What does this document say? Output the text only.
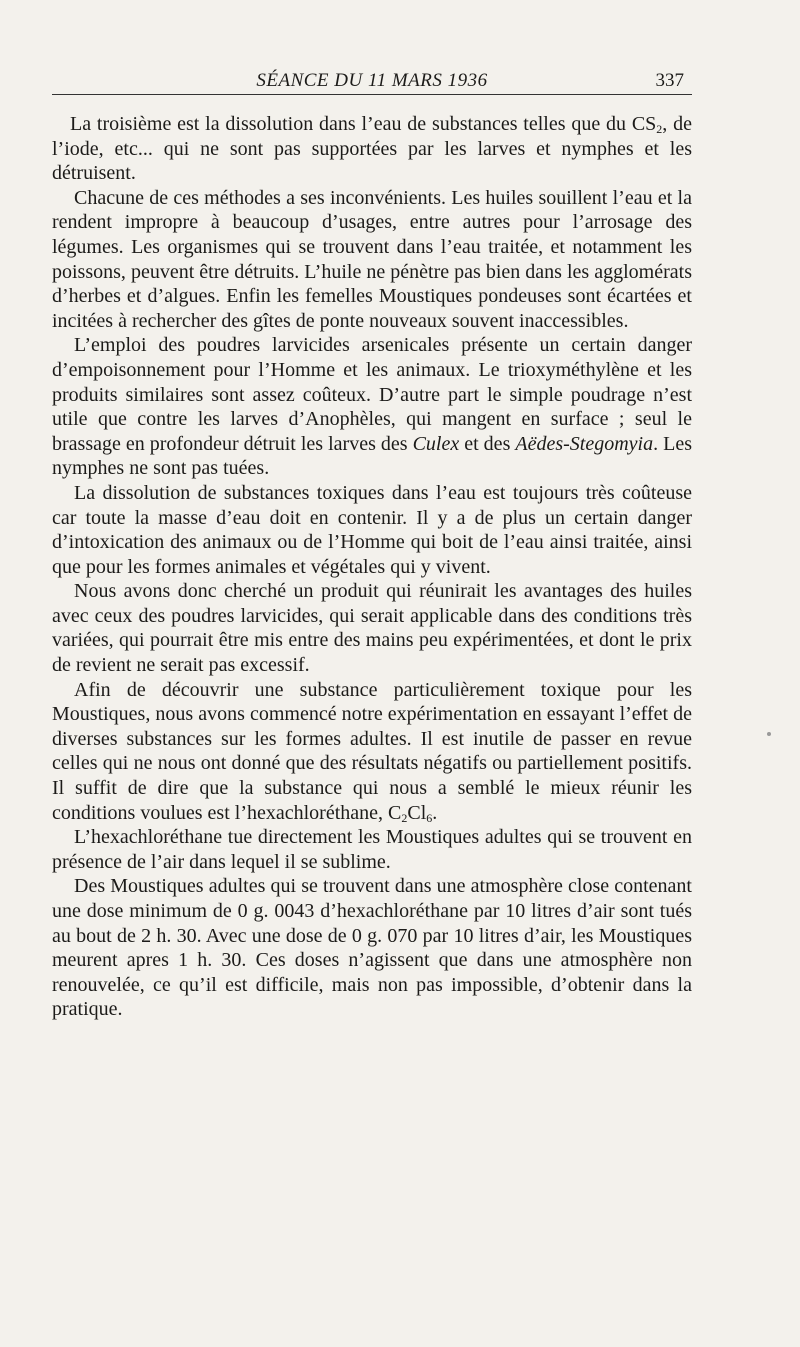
SÉANCE DU 11 MARS 1936	337

La troisième est la dissolution dans l’eau de substances telles que du $CS_2$, de l’iode, etc... qui ne sont pas supportées par les larves et nymphes et les détruisent.

Chacune de ces méthodes a ses inconvénients. Les huiles souillent l’eau et la rendent impropre à beaucoup d’usages, entre autres pour l’arrosage des légumes. Les organismes qui se trouvent dans l’eau traitée, et notamment les poissons, peuvent être détruits. L’huile ne pénètre pas bien dans les agglomérats d’herbes et d’algues. Enfin les femelles Moustiques pondeuses sont écartées et incitées à rechercher des gîtes de ponte nouveaux souvent inaccessibles.

L’emploi des poudres larvicides arsenicales présente un certain danger d’empoisonnement pour l’Homme et les animaux. Le trioxyméthylène et les produits similaires sont assez coûteux. D’autre part le simple poudrage n’est utile que contre les larves d’Anophèles, qui mangent en surface ; seul le brassage en profondeur détruit les larves des Culex et des Aëdes-Stegomyia. Les nymphes ne sont pas tuées.

La dissolution de substances toxiques dans l’eau est toujours très coûteuse car toute la masse d’eau doit en contenir. Il y a de plus un certain danger d’intoxication des animaux ou de l’Homme qui boit de l’eau ainsi traitée, ainsi que pour les formes animales et végétales qui y vivent.

Nous avons donc cherché un produit qui réunirait les avantages des huiles avec ceux des poudres larvicides, qui serait applicable dans des conditions très variées, qui pourrait être mis entre des mains peu expérimentées, et dont le prix de revient ne serait pas excessif.

Afin de découvrir une substance particulièrement toxique pour les Moustiques, nous avons commencé notre expérimentation en essayant l’effet de diverses substances sur les formes adultes. Il est inutile de passer en revue celles qui ne nous ont donné que des résultats négatifs ou partiellement positifs. Il suffit de dire que la substance qui nous a semblé le mieux réunir les conditions voulues est l’hexachloréthane, $C_2Cl_6$.

L’hexachloréthane tue directement les Moustiques adultes qui se trouvent en présence de l’air dans lequel il se sublime.

Des Moustiques adultes qui se trouvent dans une atmosphère close contenant une dose minimum de 0 g. 0043 d’hexachloréthane par 10 litres d’air sont tués au bout de 2 h. 30. Avec une dose de 0 g. 070 par 10 litres d’air, les Moustiques meurent apres 1 h. 30. Ces doses n’agissent que dans une atmosphère non renouvelée, ce qu’il est difficile, mais non pas impossible, d’obtenir dans la pratique.
